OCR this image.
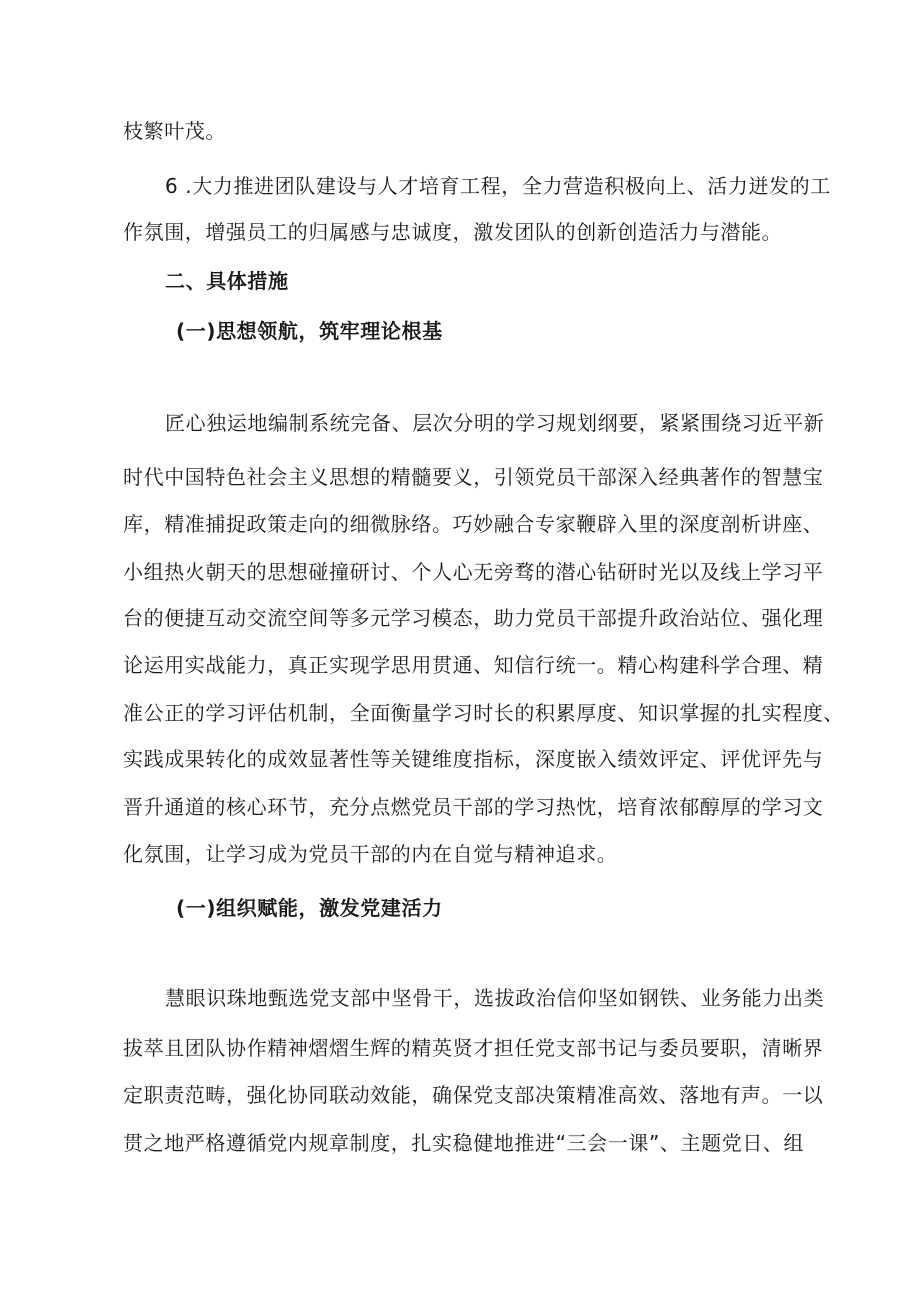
枝繁叶茂。
6 .大力推进团队建设与人才培育工程，全力营造积极向上、活力迸发的工
作氛围，增强员工的归属感与忠诚度，激发团队的创新创造活力与潜能。
二、具体措施
(一)思想领航，筑牢理论根基
匠心独运地编制系统完备、层次分明的学习规划纲要，紧紧围绕习近平新
时代中国特色社会主义思想的精髓要义，引领党员干部深入经典著作的智慧宝
库，精准捕捉政策走向的细微脉络。巧妙融合专家鞭辟入里的深度剖析讲座、
小组热火朝天的思想碰撞研讨、个人心无旁骛的潜心钻研时光以及线上学习平
台的便捷互动交流空间等多元学习模态，助力党员干部提升政治站位、强化理
论运用实战能力，真正实现学思用贯通、知信行统一。精心构建科学合理、精
准公正的学习评估机制，全面衡量学习时长的积累厚度、知识掌握的扎实程度、
实践成果转化的成效显著性等关键维度指标，深度嵌入绩效评定、评优评先与
晋升通道的核心环节，充分点燃党员干部的学习热忱，培育浓郁醇厚的学习文
化氛围，让学习成为党员干部的内在自觉与精神追求。
(一)组织赋能，激发党建活力
慧眼识珠地甄选党支部中坚骨干，选拔政治信仰坚如钢铁、业务能力出类
拔萃且团队协作精神熠熠生辉的精英贤才担任党支部书记与委员要职，清晰界
定职责范畴，强化协同联动效能，确保党支部决策精准高效、落地有声。一以
贯之地严格遵循党内规章制度，扎实稳健地推进“三会一课”、主题党日、组
